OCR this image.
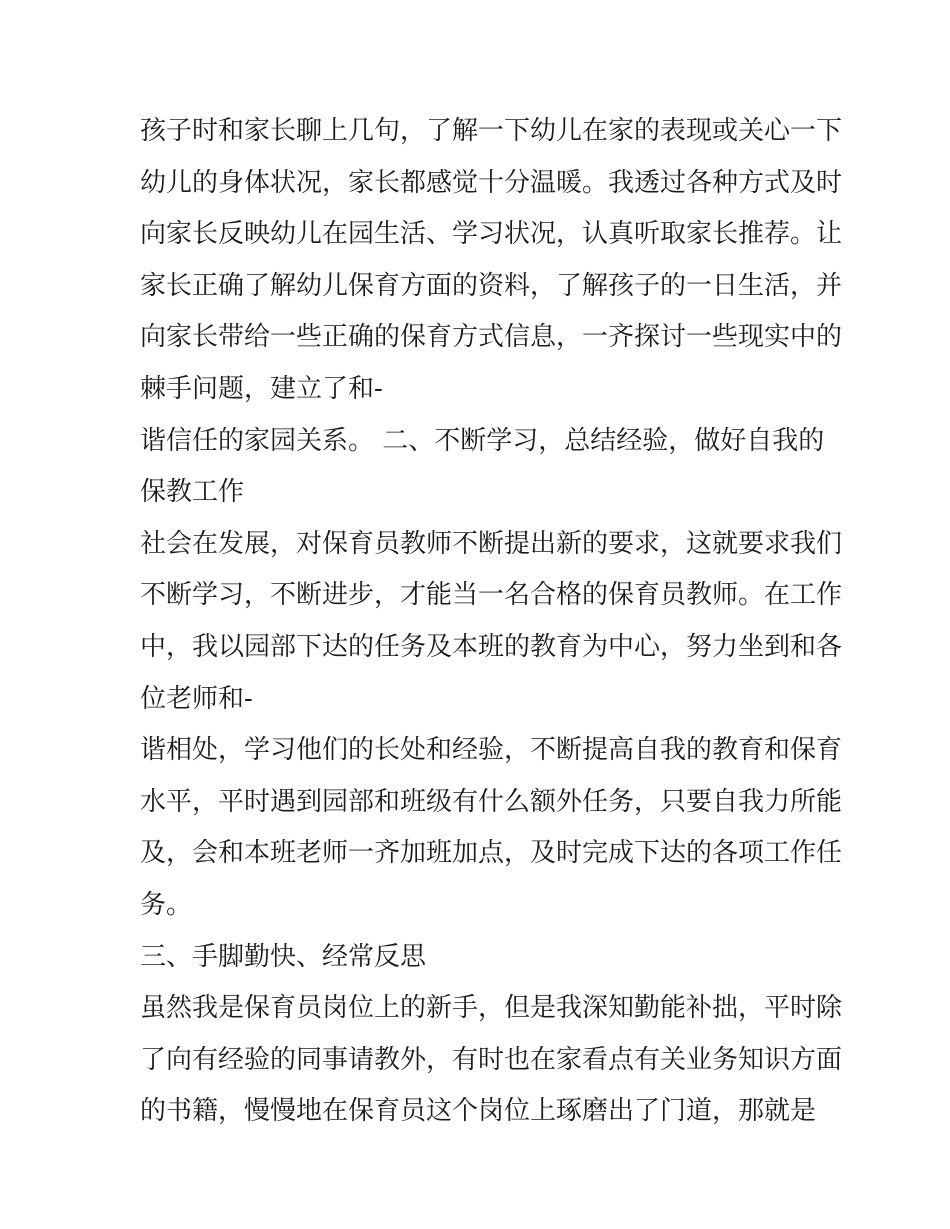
孩子时和家长聊上几句，了解一下幼儿在家的表现或关心一下
幼儿的身体状况，家长都感觉十分温暖。我透过各种方式及时
向家长反映幼儿在园生活、学习状况，认真听取家长推荐。让
家长正确了解幼儿保育方面的资料，了解孩子的一日生活，并
向家长带给一些正确的保育方式信息，一齐探讨一些现实中的
棘手问题，建立了和-
谐信任的家园关系。 二、不断学习，总结经验，做好自我的
保教工作
社会在发展，对保育员教师不断提出新的要求，这就要求我们
不断学习，不断进步，才能当一名合格的保育员教师。在工作
中，我以园部下达的任务及本班的教育为中心，努力坐到和各
位老师和-
谐相处，学习他们的长处和经验，不断提高自我的教育和保育
水平，平时遇到园部和班级有什么额外任务，只要自我力所能
及，会和本班老师一齐加班加点，及时完成下达的各项工作任
务。
三、手脚勤快、经常反思
虽然我是保育员岗位上的新手，但是我深知勤能补拙，平时除
了向有经验的同事请教外，有时也在家看点有关业务知识方面
的书籍，慢慢地在保育员这个岗位上琢磨出了门道，那就是
